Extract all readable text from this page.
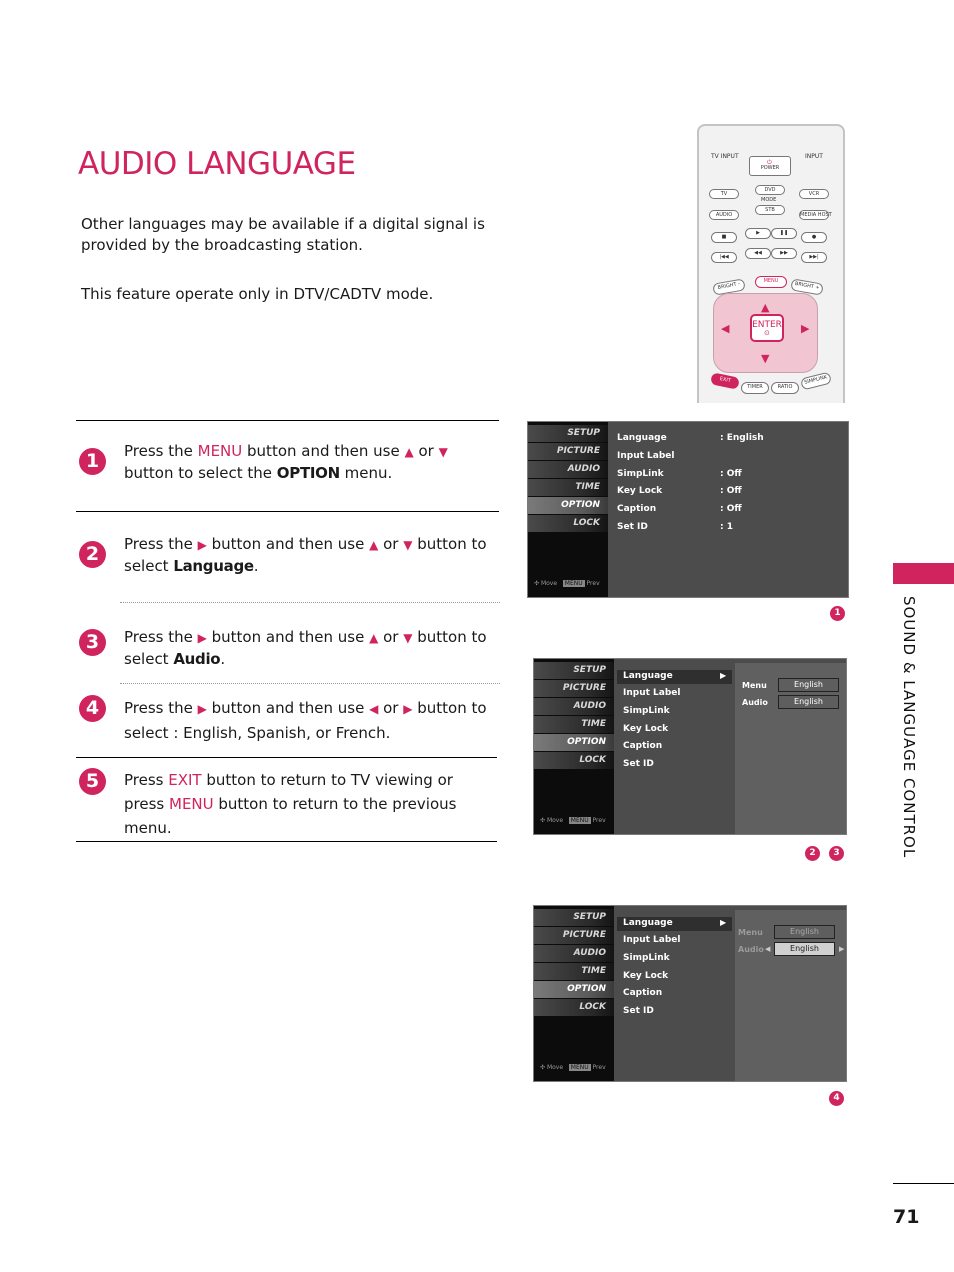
AUDIO LANGUAGE
Other languages may be available if a digital signal is provided by the broadcasting station.
This feature operate only in DTV/CADTV mode.
TV INPUT	INPUT
⏻
POWER
TV
DVD
VCR
MODE
AUDIO
STB
MEDIA HOST
■
▶	❚❚
●
|◀◀
◀◀	▶▶
▶▶|
BRIGHT -
MENU	BRIGHT +
▲
▼
◀	▶
ENTER
⊙
EXIT
TIMER	RATIO
SIMPLINK
1	Press the MENU button and then use ▲ or ▼ button to select the OPTION menu.
2	Press the ▶ button and then use ▲ or ▼ button to select Language.
3	Press the ▶ button and then use ▲ or ▼ button to select Audio.
4	Press the ▶ button and then use ◀ or ▶ button to select : English, Spanish, or French.
5	Press EXIT button to return to TV viewing or press MENU button to return to the previous menu.	SOUND & LANGUAGE CONTROL
71
SETUP
PICTURE
AUDIO
TIME
OPTION
LOCK
✣ Move MENU Prev
Language	: English
Input Label
SimpLink	: Off
Key Lock	: Off
Caption	: Off
Set ID	: 1
1
SETUP
PICTURE
AUDIO
TIME
OPTION
LOCK
✣ Move MENU Prev
Language	▶
Input Label
SimpLink
Key Lock
Caption
Set ID
Menu	English
Audio	English
2	3
SETUP
PICTURE
AUDIO
TIME
OPTION
LOCK
✣ Move MENU Prev
Language	▶
Input Label
SimpLink
Key Lock
Caption
Set ID
Menu	English
Audio ◀	English	▶
4
